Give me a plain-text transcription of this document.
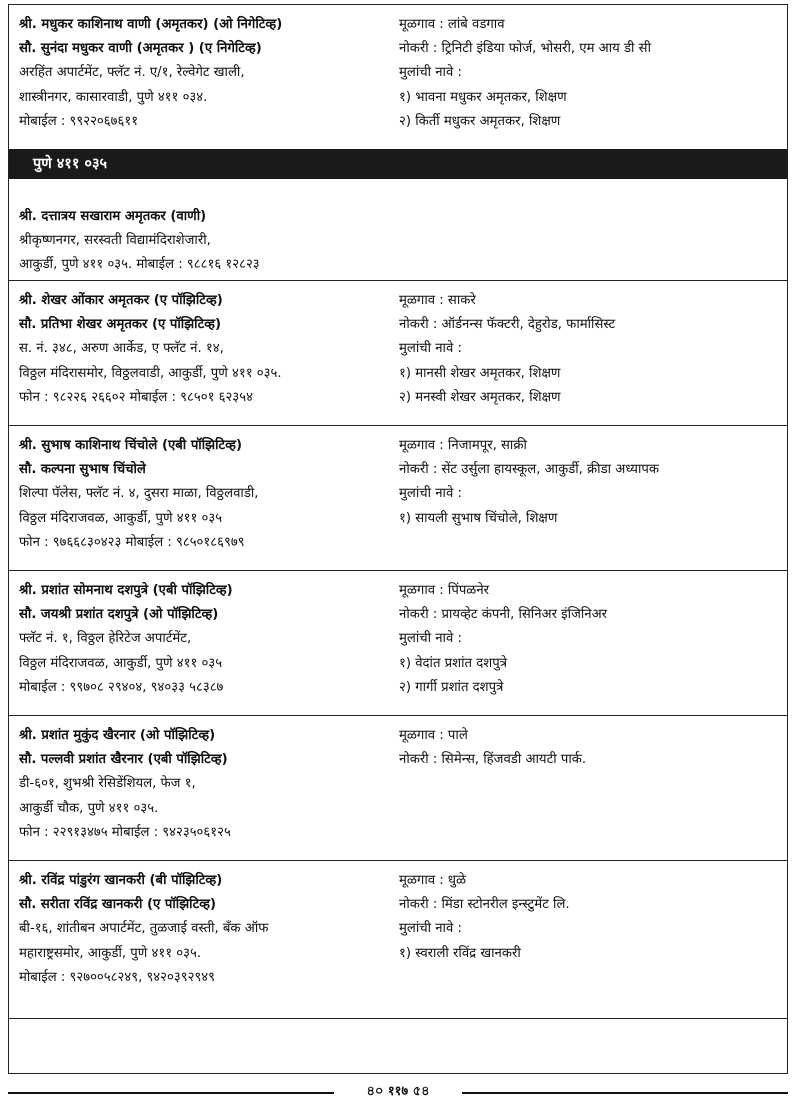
श्री. मधुकर काशिनाथ वाणी (अमृतकर) (ओ निगेटिव्ह)
सौ. सुनंदा मधुकर वाणी (अमृतकर ) (ए निगेटिव्ह)
अरहिंत अपार्टमेंट, फ्लॅट नं. ए/१, रेल्वेगेट खाली,
शास्त्रीनगर, कासारवाडी, पुणे ४११ ०३४.
मोबाईल : ९९२२०६७६११
मूळगाव : लांबे वडगाव
नोकरी : ट्रिनिटी इंडिया फोर्ज, भोसरी, एम आय डी सी
मुलांची नावे :
१) भावना मधुकर अमृतकर, शिक्षण
२) किर्ती मधुकर अमृतकर, शिक्षण
पुणे ४११ ०३५
श्री. दत्तात्रय सखाराम अमृतकर (वाणी)
श्रीकृष्णनगर, सरस्वती विद्यामंदिराशेजारी,
आकुर्डी, पुणे ४११ ०३५. मोबाईल : ९८८१६ १२८२३
श्री. शेखर ओंकार अमृतकर (ए पॉझिटिव्ह)
सौ. प्रतिभा शेखर अमृतकर (ए पॉझिटिव्ह)
स. नं. ३४८, अरुण आर्केड, ए फ्लॅट नं. १४,
विठ्ठल मंदिरासमोर, विठ्ठलवाडी, आकुर्डी, पुणे ४११ ०३५.
फोन : ९८२२६ २६६०२ मोबाईल : ९८५०१ ६२३५४
मूळगाव : साकरे
नोकरी : ऑर्डनन्स फॅक्टरी, देहुरोड, फार्मासिस्ट
मुलांची नावे :
१) मानसी शेखर अमृतकर, शिक्षण
२) मनस्वी शेखर अमृतकर, शिक्षण
श्री. सुभाष काशिनाथ चिंचोले (एबी पॉझिटिव्ह)
सौ. कल्पना सुभाष चिंचोले
शिल्पा पॅलेस, फ्लॅट नं. ४, दुसरा माळा, विठ्ठलवाडी,
विठ्ठल मंदिराजवळ, आकुर्डी, पुणे ४११ ०३५
फोन : ९७६६८३०४२३ मोबाईल : ९८५०१८६९७९
मूळगाव : निजामपूर, साक्री
नोकरी : सेंट उर्सुला हायस्कूल, आकुर्डी, क्रीडा अध्यापक
मुलांची नावे :
१) सायली सुभाष चिंचोले, शिक्षण
श्री. प्रशांत सोमनाथ दशपुत्रे (एबी पॉझिटिव्ह)
सौ. जयश्री प्रशांत दशपुत्रे (ओ पॉझिटिव्ह)
फ्लॅट नं. १, विठ्ठल हेरिटेज अपार्टमेंट,
विठ्ठल मंदिराजवळ, आकुर्डी, पुणे ४११ ०३५
मोबाईल : ९९७०८ २९४०४, ९४०३३ ५८३८७
मूळगाव : पिंपळनेर
नोकरी : प्रायव्हेट कंपनी, सिनिअर इंजिनिअर
मुलांची नावे :
१) वेदांत प्रशांत दशपुत्रे
२) गार्गी प्रशांत दशपुत्रे
श्री. प्रशांत मुकुंद खैरनार (ओ पॉझिटिव्ह)
सौ. पल्लवी प्रशांत खैरनार (एबी पॉझिटिव्ह)
डी-६०१, शुभश्री रेसिडेंशियल, फेज १,
आकुर्डी चौक, पुणे ४११ ०३५.
फोन : २२९१३४७५ मोबाईल : ९४२३५०६१२५
मूळगाव : पाले
नोकरी : सिमेन्स, हिंजवडी आयटी पार्क.
श्री. रविंद्र पांडुरंग खानकरी (बी पॉझिटिव्ह)
सौ. सरीता रविंद्र खानकरी (ए पॉझिटिव्ह)
बी-१६, शांतीबन अपार्टमेंट, तुळजाई वस्ती, बँक ऑफ
महाराष्ट्रसमोर, आकुर्डी, पुणे ४११ ०३५.
मोबाईल : ९२७००५८२४९, ९४२०३९२९४९
मूळगाव : धुळे
नोकरी : मिंडा स्टोनरील इन्स्टुमेंट लि.
मुलांची नावे :
१) स्वराली रविंद्र खानकरी
৪০ ११७ ৫৪
